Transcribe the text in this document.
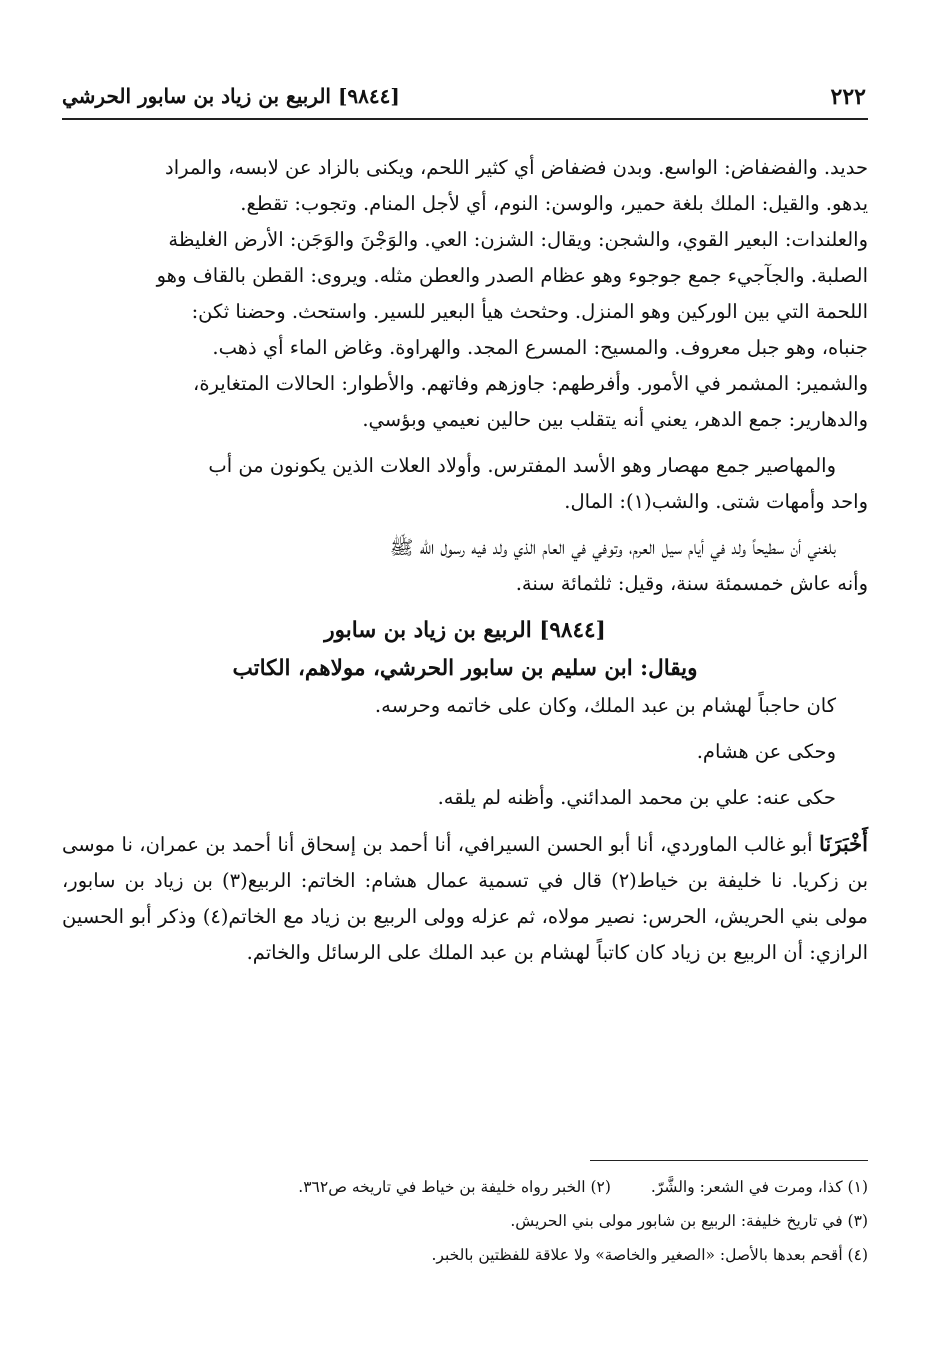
٢٢٢
[٩٨٤٤] الربيع بن زياد بن سابور الحرشي

حديد. والفضفاض: الواسع. وبدن فضفاض أي كثير اللحم، ويكنى بالزاد عن لابسه، والمراد

يدهو. والقيل: الملك بلغة حمير، والوسن: النوم، أي لأجل المنام. وتجوب: تقطع.

والعلندات: البعير القوي، والشجن: ويقال: الشزن: العي. والوَجْنَ والوَجَن: الأرض الغليظة

الصلبة. والجآجيء جمع جوجوء وهو عظام الصدر والعطن مثله. ويروى: القطن بالقاف وهو

اللحمة التي بين الوركين وهو المنزل. وحثحث هيأ البعير للسير. واستحث. وحضنا ثكن:

جنباه، وهو جبل معروف. والمسيح: المسرع المجد. والهراوة. وغاض الماء أي ذهب.

والشمير: المشمر في الأمور. وأفرطهم: جاوزهم وفاتهم. والأطوار: الحالات المتغايرة،

والدهارير: جمع الدهر، يعني أنه يتقلب بين حالين نعيمي وبؤسي.

والمهاصير جمع مهصار وهو الأسد المفترس. وأولاد العلات الذين يكونون من أب

واحد وأمهات شتى. والشب(١): المال.

بلغني أن سطيحاً ولد في أيام سيل العرم، وتوفي في العام الذي ولد فيه رسول الله ﷺ

وأنه عاش خمسمئة سنة، وقيل: ثلثمائة سنة.

[٩٨٤٤] الربيع بن زياد بن سابور

ويقال: ابن سليم بن سابور الحرشي، مولاهم، الكاتب

كان حاجباً لهشام بن عبد الملك، وكان على خاتمه وحرسه.

وحكى عن هشام.

حكى عنه: علي بن محمد المدائني. وأظنه لم يلقه.

أَخْبَرَنَا أبو غالب الماوردي، أنا أبو الحسن السيرافي، أنا أحمد بن إسحاق أنا أحمد بن عمران، نا موسى بن زكريا. نا خليفة بن خياط(٢) قال في تسمية عمال هشام: الخاتم: الربيع(٣) بن زياد بن سابور، مولى بني الحريش، الحرس: نصير مولاه، ثم عزله وولى الربيع بن زياد مع الخاتم(٤) وذكر أبو الحسين الرازي: أن الربيع بن زياد كان كاتباً لهشام بن عبد الملك على الرسائل والخاتم.

(١) كذا، ومرت في الشعر: والشَّرّ.
(٢) الخبر رواه خليفة بن خياط في تاريخه ص٣٦٢.
(٣) في تاريخ خليفة: الربيع بن شابور مولى بني الحريش.
(٤) أقحم بعدها بالأصل: «الصغير والخاصة» ولا علاقة للفظتين بالخبر.
